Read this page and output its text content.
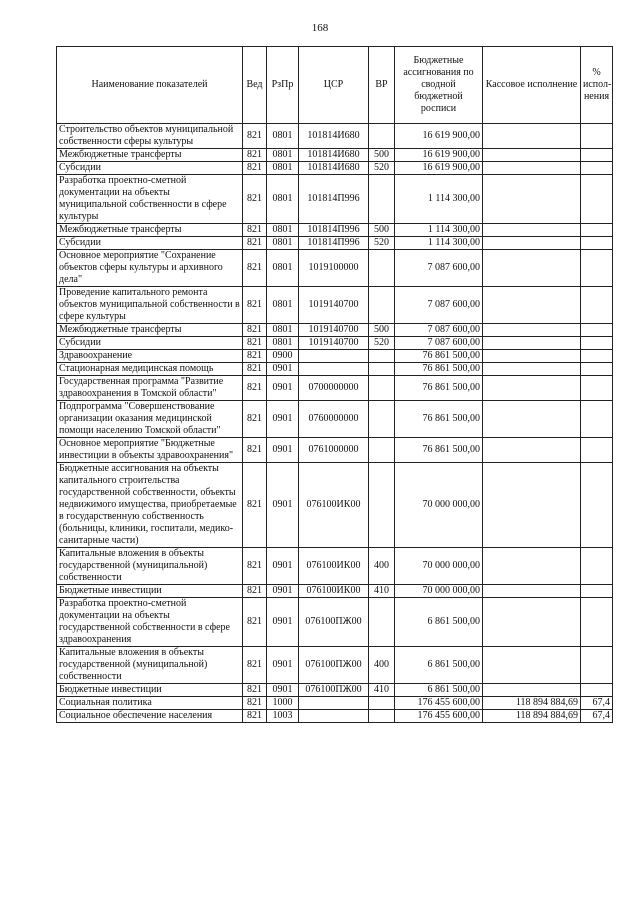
168
Наименование показателей	Вед	РзПр	ЦСР	ВР	Бюджетные ассигнования по сводной бюджетной росписи	Кассовое исполнение	% испол-нения
Строительство объектов муниципальной собственности сферы культуры	821	0801	101814И680		16 619 900,00		
Межбюджетные трансферты	821	0801	101814И680	500	16 619 900,00		
Субсидии	821	0801	101814И680	520	16 619 900,00		
Разработка проектно-сметной документации на объекты муниципальной собственности в сфере культуры	821	0801	101814П996		1 114 300,00		
Межбюджетные трансферты	821	0801	101814П996	500	1 114 300,00		
Субсидии	821	0801	101814П996	520	1 114 300,00		
Основное мероприятие "Сохранение объектов сферы культуры и архивного дела"	821	0801	1019100000		7 087 600,00		
Проведение капитального ремонта объектов муниципальной собственности в сфере культуры	821	0801	1019140700		7 087 600,00		
Межбюджетные трансферты	821	0801	1019140700	500	7 087 600,00		
Субсидии	821	0801	1019140700	520	7 087 600,00		
Здравоохранение	821	0900			76 861 500,00		
Стационарная медицинская помощь	821	0901			76 861 500,00		
Государственная программа "Развитие здравоохранения в Томской области"	821	0901	0700000000		76 861 500,00		
Подпрограмма "Совершенствование организации оказания медицинской помощи населению Томской области"	821	0901	0760000000		76 861 500,00		
Основное мероприятие "Бюджетные инвестиции в объекты здравоохранения"	821	0901	0761000000		76 861 500,00		
Бюджетные ассигнования на объекты капитального строительства государственной собственности, объекты недвижимого имущества, приобретаемые в государственную собственность (больницы, клиники, госпитали, медико-санитарные части)	821	0901	076100ИК00		70 000 000,00		
Капитальные вложения в объекты государственной (муниципальной) собственности	821	0901	076100ИК00	400	70 000 000,00		
Бюджетные инвестиции	821	0901	076100ИК00	410	70 000 000,00		
Разработка проектно-сметной документации на объекты государственной собственности в сфере здравоохранения	821	0901	076100ПЖ00		6 861 500,00		
Капитальные вложения в объекты государственной (муниципальной) собственности	821	0901	076100ПЖ00	400	6 861 500,00		
Бюджетные инвестиции	821	0901	076100ПЖ00	410	6 861 500,00		
Социальная политика	821	1000			176 455 600,00	118 894 884,69	67,4
Социальное обеспечение населения	821	1003			176 455 600,00	118 894 884,69	67,4
